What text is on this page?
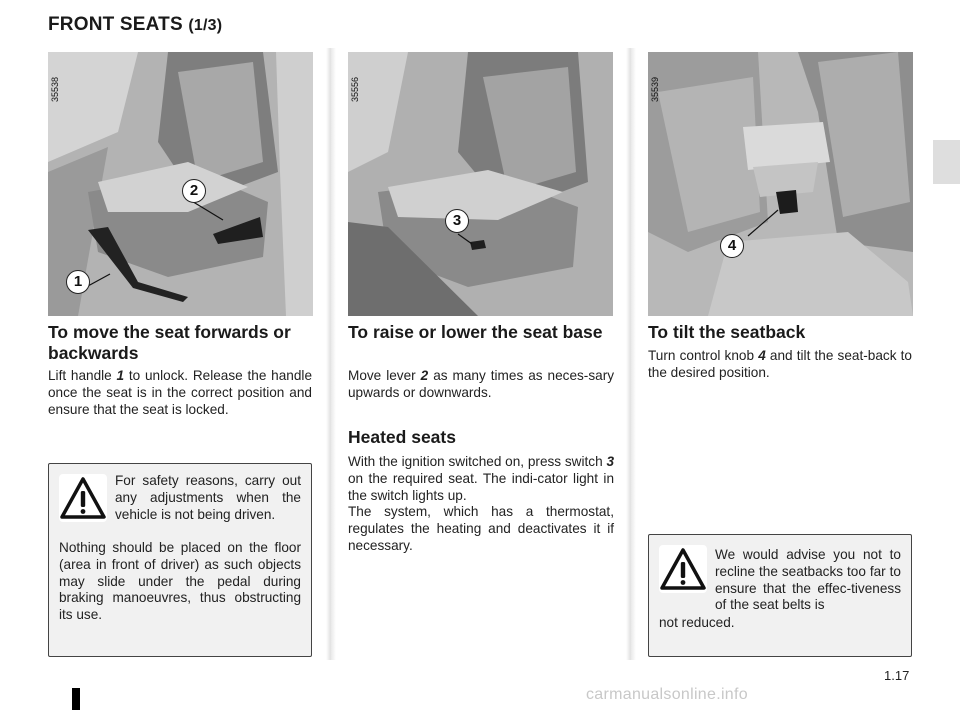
FRONT SEATS (1/3)
35538
2
1
35556
3
35539
4
To move the seat forwards or backwards

Lift handle 1 to unlock. Release the handle once the seat is in the correct position and ensure that the seat is locked.

To raise or lower the seat base

Move lever 2 as many times as neces-sary upwards or downwards.

Heated seats

With the ignition switched on, press switch 3 on the required seat. The indi-cator light in the switch lights up.
The system, which has a thermostat, regulates the heating and deactivates it if necessary.

To tilt the seatback

Turn control knob 4 and tilt the seat-back to the desired position.

For safety reasons, carry out any adjustments when the vehicle is not being driven.

Nothing should be placed on the floor (area in front of driver) as such objects may slide under the pedal during braking manoeuvres, thus obstructing its use.

We would advise you not to recline the seatbacks too far to ensure that the effec-tiveness of the seat belts is

not reduced.

1.17
carmanualsonline.info
